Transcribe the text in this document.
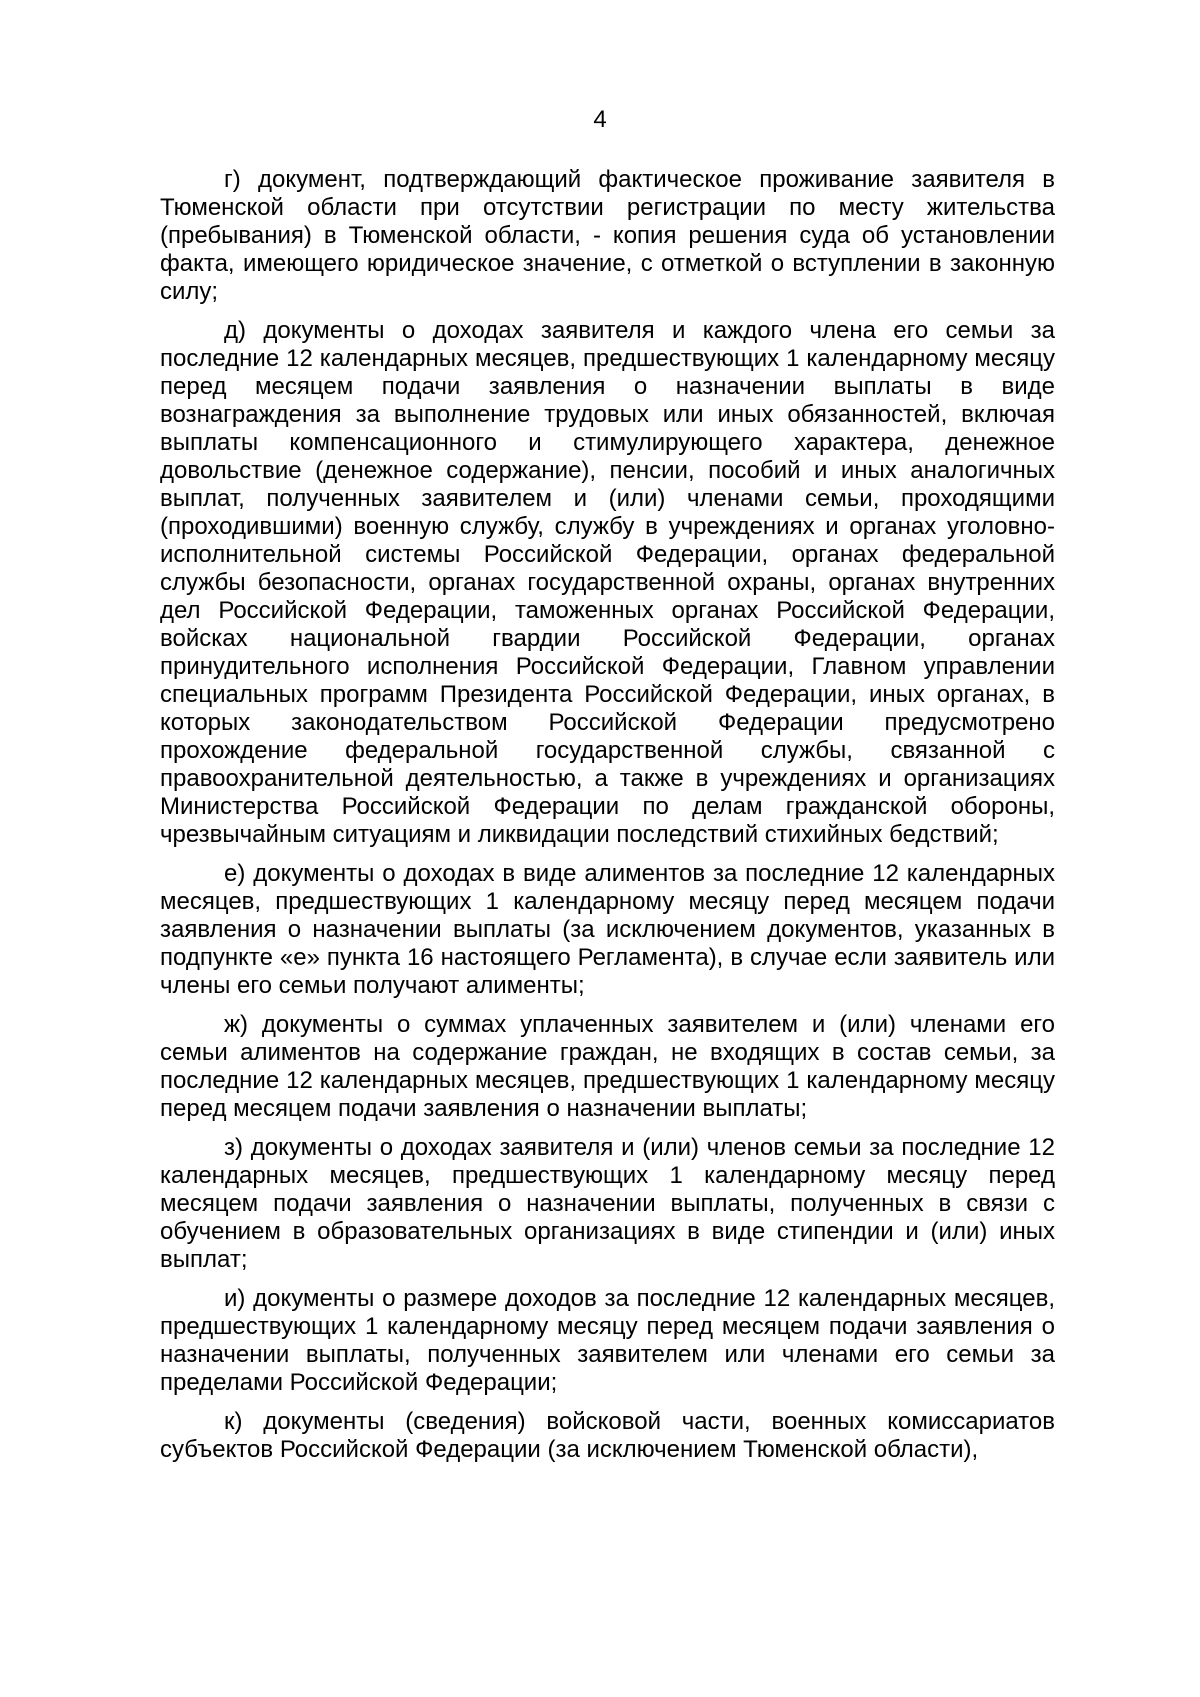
4

г) документ, подтверждающий фактическое проживание заявителя в Тюменской области при отсутствии регистрации по месту жительства (пребывания) в Тюменской области, - копия решения суда об установлении факта, имеющего юридическое значение, с отметкой о вступлении в законную силу;

д) документы о доходах заявителя и каждого члена его семьи за последние 12 календарных месяцев, предшествующих 1 календарному месяцу перед месяцем подачи заявления о назначении выплаты в виде вознаграждения за выполнение трудовых или иных обязанностей, включая выплаты компенсационного и стимулирующего характера, денежное довольствие (денежное содержание), пенсии, пособий и иных аналогичных выплат, полученных заявителем и (или) членами семьи, проходящими (проходившими) военную службу, службу в учреждениях и органах уголовно-исполнительной системы Российской Федерации, органах федеральной службы безопасности, органах государственной охраны, органах внутренних дел Российской Федерации, таможенных органах Российской Федерации, войсках национальной гвардии Российской Федерации, органах принудительного исполнения Российской Федерации, Главном управлении специальных программ Президента Российской Федерации, иных органах, в которых законодательством Российской Федерации предусмотрено прохождение федеральной государственной службы, связанной с правоохранительной деятельностью, а также в учреждениях и организациях Министерства Российской Федерации по делам гражданской обороны, чрезвычайным ситуациям и ликвидации последствий стихийных бедствий;

е) документы о доходах в виде алиментов за последние 12 календарных месяцев, предшествующих 1 календарному месяцу перед месяцем подачи заявления о назначении выплаты (за исключением документов, указанных в подпункте «е» пункта 16 настоящего Регламента), в случае если заявитель или члены его семьи получают алименты;

ж) документы о суммах уплаченных заявителем и (или) членами его семьи алиментов на содержание граждан, не входящих в состав семьи, за последние 12 календарных месяцев, предшествующих 1 календарному месяцу перед месяцем подачи заявления о назначении выплаты;

з) документы о доходах заявителя и (или) членов семьи за последние 12 календарных месяцев, предшествующих 1 календарному месяцу перед месяцем подачи заявления о назначении выплаты, полученных в связи с обучением в образовательных организациях в виде стипендии и (или) иных выплат;

и) документы о размере доходов за последние 12 календарных месяцев, предшествующих 1 календарному месяцу перед месяцем подачи заявления о назначении выплаты, полученных заявителем или членами его семьи за пределами Российской Федерации;

к) документы (сведения) войсковой части, военных комиссариатов субъектов Российской Федерации (за исключением Тюменской области),
